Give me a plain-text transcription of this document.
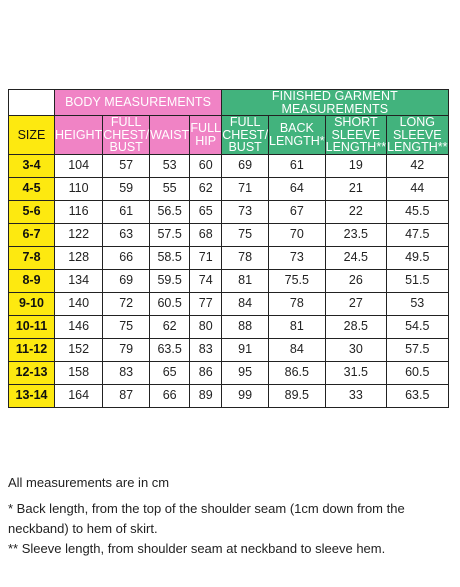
	BODY MEASUREMENTS				FINISHED GARMENT MEASUREMENTS			
SIZE	HEIGHT	FULL CHEST/ BUST	WAIST	FULL HIP	FULL CHEST/ BUST	BACK LENGTH*	SHORT SLEEVE LENGTH**	LONG SLEEVE LENGTH**
3-4	104	57	53	60	69	61	19	42
4-5	110	59	55	62	71	64	21	44
5-6	116	61	56.5	65	73	67	22	45.5
6-7	122	63	57.5	68	75	70	23.5	47.5
7-8	128	66	58.5	71	78	73	24.5	49.5
8-9	134	69	59.5	74	81	75.5	26	51.5
9-10	140	72	60.5	77	84	78	27	53
10-11	146	75	62	80	88	81	28.5	54.5
11-12	152	79	63.5	83	91	84	30	57.5
12-13	158	83	65	86	95	86.5	31.5	60.5
13-14	164	87	66	89	99	89.5	33	63.5
All measurements are in cm
* Back length, from the top of the shoulder seam (1cm down from the neckband) to hem of skirt.
** Sleeve length, from shoulder seam at neckband to sleeve hem.
